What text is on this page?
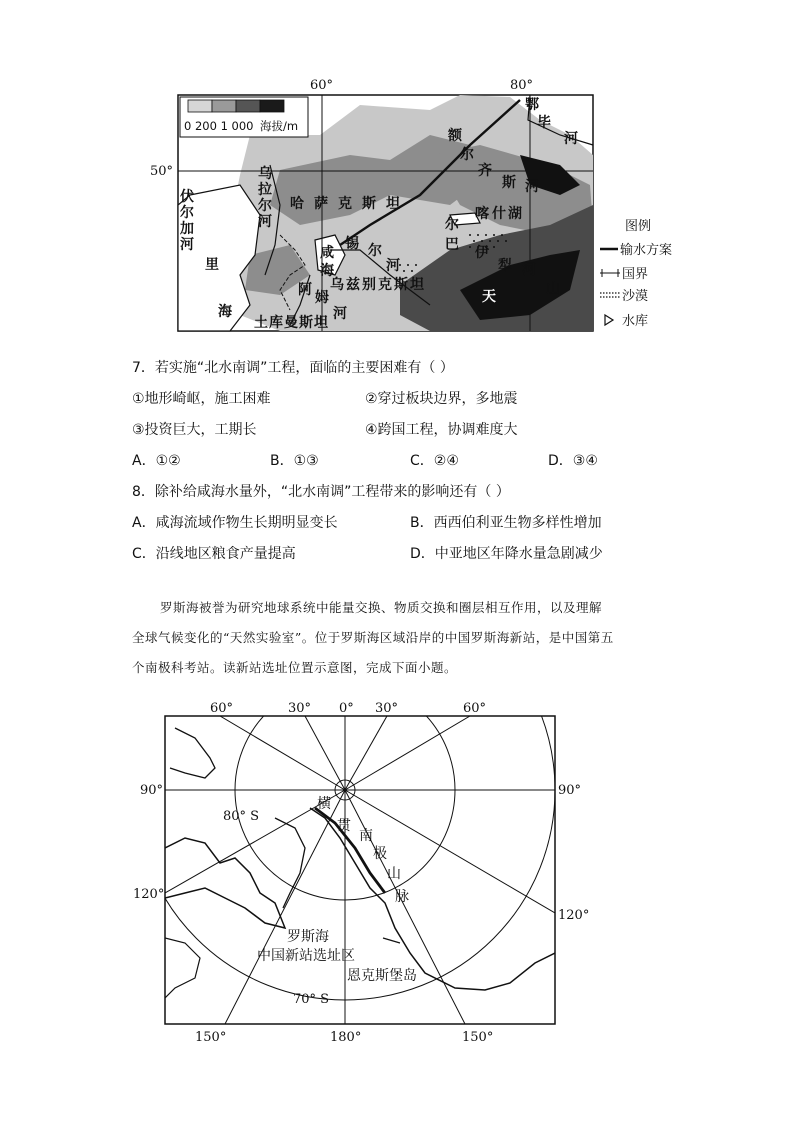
60°	80°
50°
0 200 1 000 海拔/m
鄂
毕
河
伏
尔
加
河
乌
拉
尔
河
哈萨克斯坦
额
尔
齐
斯 河
里
海
咸
海
锡 尔
河
阿 姆
河
乌兹别克斯坦
土库曼斯坦
喀 什 湖
尔
巴 伊
犁 河
天	山
图例
输水方案
国界
沙漠
水库
7．若实施“北水南调”工程，面临的主要困难有（ ）
①地形崎岖，施工困难	②穿过板块边界，多地震
③投资巨大，工期长	④跨国工程，协调难度大
A．①②	B．①③	C．②④	D．③④
8．除补给咸海水量外，“北水南调”工程带来的影响还有（ ）
A．咸海流域作物生长期明显变长	B．西西伯利亚生物多样性增加
C．沿线地区粮食产量提高	D．中亚地区年降水量急剧减少
罗斯海被誉为研究地球系统中能量交换、物质交换和圈层相互作用，以及理解
全球气候变化的“天然实验室”。位于罗斯海区域沿岸的中国罗斯海新站，是中国第五
个南极科考站。读新站选址位置示意图，完成下面小题。
60°	30° 0° 30°	60°
90°
120°
90°
120°
150°	180°	150°
80° S
70° S
横
贯
南
极
山
脉
罗斯海
中国新站选址区
恩克斯堡岛
